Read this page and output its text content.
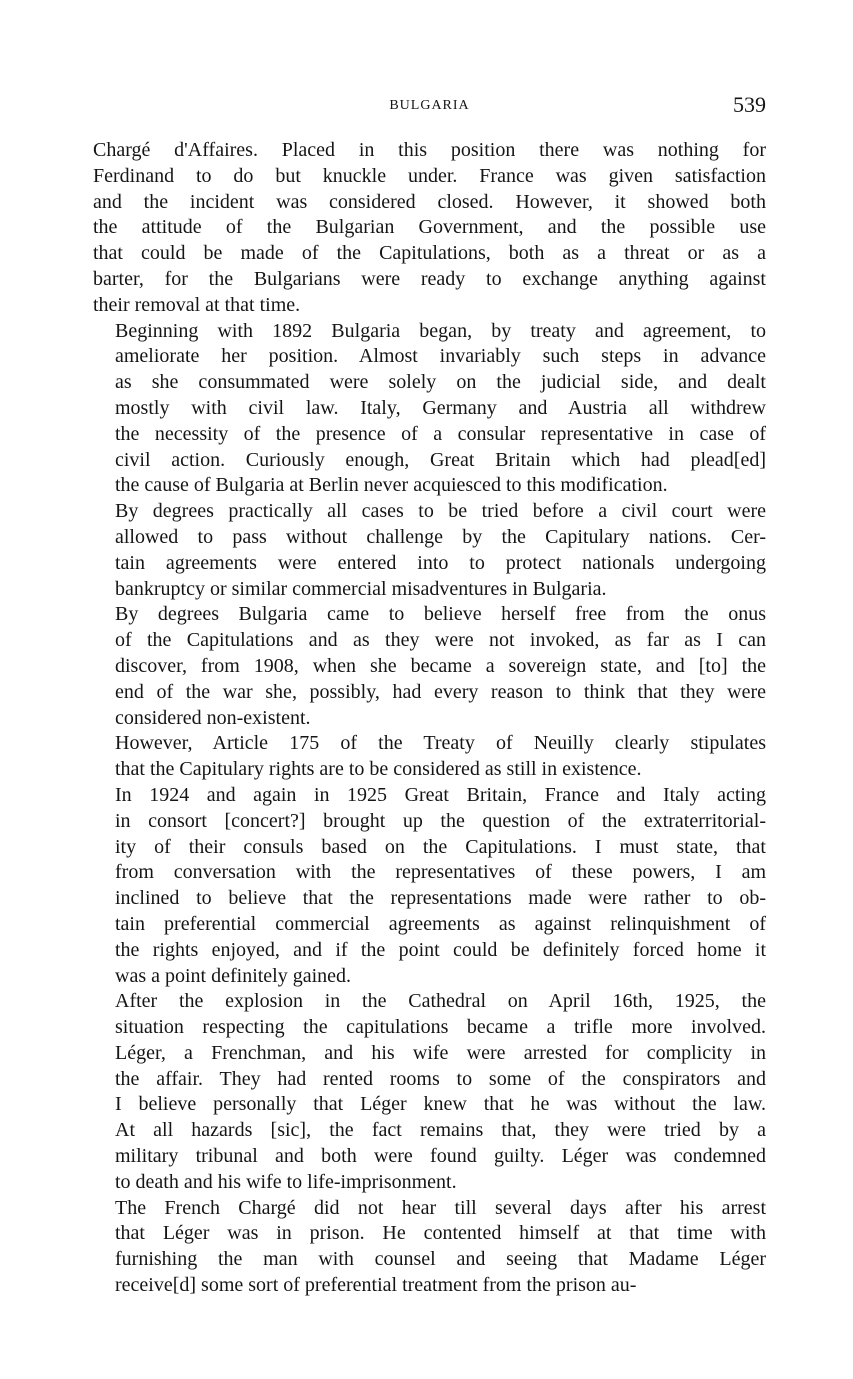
BULGARIA	539
Chargé d'Affaires. Placed in this position there was nothing for
Ferdinand to do but knuckle under. France was given satisfaction
and the incident was considered closed. However, it showed both
the attitude of the Bulgarian Government, and the possible use
that could be made of the Capitulations, both as a threat or as a
barter, for the Bulgarians were ready to exchange anything against
their removal at that time.
Beginning with 1892 Bulgaria began, by treaty and agreement, to
ameliorate her position. Almost invariably such steps in advance
as she consummated were solely on the judicial side, and dealt
mostly with civil law. Italy, Germany and Austria all withdrew
the necessity of the presence of a consular representative in case of
civil action. Curiously enough, Great Britain which had plead[ed]
the cause of Bulgaria at Berlin never acquiesced to this modification.
By degrees practically all cases to be tried before a civil court were
allowed to pass without challenge by the Capitulary nations. Cer-
tain agreements were entered into to protect nationals undergoing
bankruptcy or similar commercial misadventures in Bulgaria.
By degrees Bulgaria came to believe herself free from the onus
of the Capitulations and as they were not invoked, as far as I can
discover, from 1908, when she became a sovereign state, and [to] the
end of the war she, possibly, had every reason to think that they were
considered non-existent.
However, Article 175 of the Treaty of Neuilly clearly stipulates
that the Capitulary rights are to be considered as still in existence.
In 1924 and again in 1925 Great Britain, France and Italy acting
in consort [concert?] brought up the question of the extraterritorial-
ity of their consuls based on the Capitulations. I must state, that
from conversation with the representatives of these powers, I am
inclined to believe that the representations made were rather to ob-
tain preferential commercial agreements as against relinquishment of
the rights enjoyed, and if the point could be definitely forced home it
was a point definitely gained.
After the explosion in the Cathedral on April 16th, 1925, the
situation respecting the capitulations became a trifle more involved.
Léger, a Frenchman, and his wife were arrested for complicity in
the affair. They had rented rooms to some of the conspirators and
I believe personally that Léger knew that he was without the law.
At all hazards [sic], the fact remains that, they were tried by a
military tribunal and both were found guilty. Léger was condemned
to death and his wife to life-imprisonment.
The French Chargé did not hear till several days after his arrest
that Léger was in prison. He contented himself at that time with
furnishing the man with counsel and seeing that Madame Léger
receive[d] some sort of preferential treatment from the prison au-
